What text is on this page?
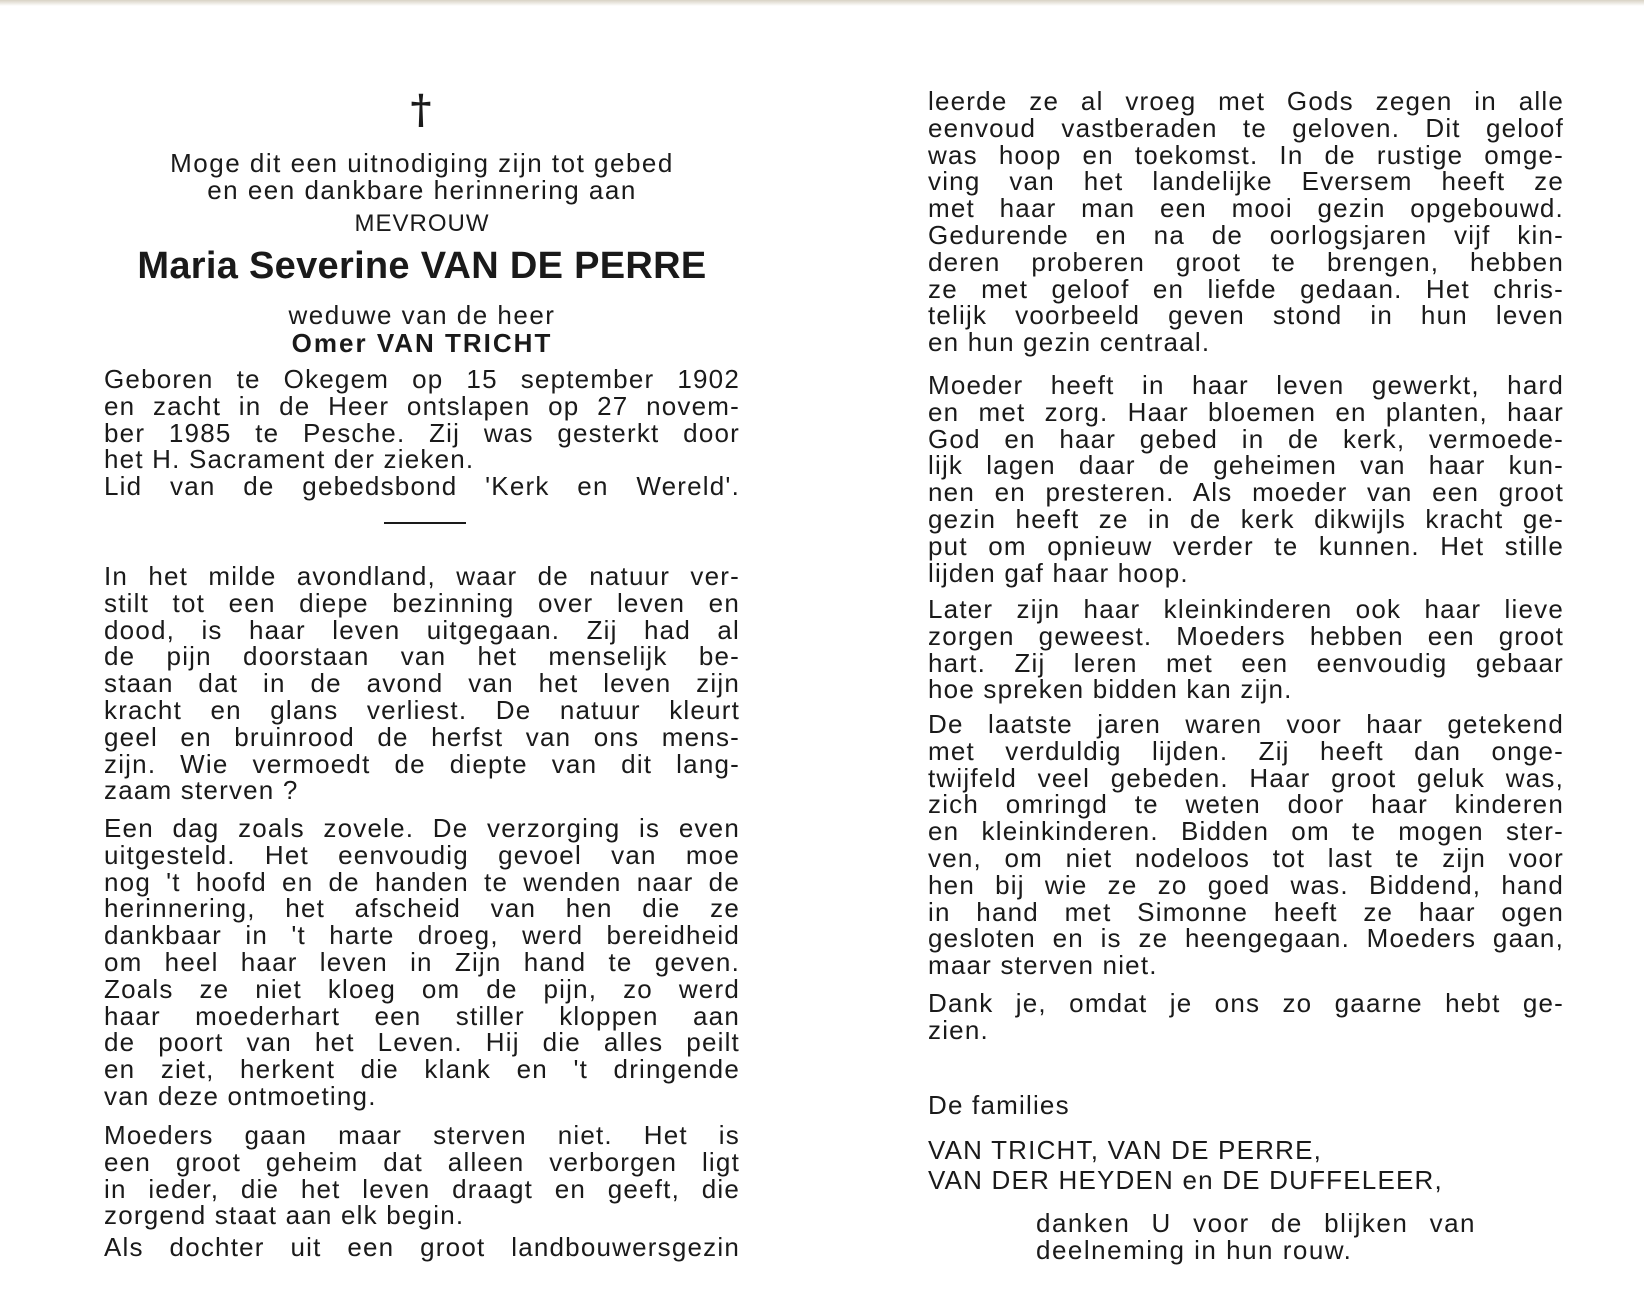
†
Moge dit een uitnodiging zijn tot gebed
en een dankbare herinnering aan
MEVROUW
Maria Severine VAN DE PERRE
weduwe van de heer
Omer VAN TRICHT
Geboren te Okegem op 15 september 1902
en zacht in de Heer ontslapen op 27 novem-
ber 1985 te Pesche. Zij was gesterkt door
het H. Sacrament der zieken.
Lid van de gebedsbond 'Kerk en Wereld'.
In het milde avondland, waar de natuur ver-
stilt tot een diepe bezinning over leven en
dood, is haar leven uitgegaan. Zij had al
de pijn doorstaan van het menselijk be-
staan dat in de avond van het leven zijn
kracht en glans verliest. De natuur kleurt
geel en bruinrood de herfst van ons mens-
zijn. Wie vermoedt de diepte van dit lang-
zaam sterven ?
Een dag zoals zovele. De verzorging is even
uitgesteld. Het eenvoudig gevoel van moe
nog 't hoofd en de handen te wenden naar de
herinnering, het afscheid van hen die ze
dankbaar in 't harte droeg, werd bereidheid
om heel haar leven in Zijn hand te geven.
Zoals ze niet kloeg om de pijn, zo werd
haar moederhart een stiller kloppen aan
de poort van het Leven. Hij die alles peilt
en ziet, herkent die klank en 't dringende
van deze ontmoeting.
Moeders gaan maar sterven niet. Het is
een groot geheim dat alleen verborgen ligt
in ieder, die het leven draagt en geeft, die
zorgend staat aan elk begin.
Als dochter uit een groot landbouwersgezin
leerde ze al vroeg met Gods zegen in alle
eenvoud vastberaden te geloven. Dit geloof
was hoop en toekomst. In de rustige omge-
ving van het landelijke Eversem heeft ze
met haar man een mooi gezin opgebouwd.
Gedurende en na de oorlogsjaren vijf kin-
deren proberen groot te brengen, hebben
ze met geloof en liefde gedaan. Het chris-
telijk voorbeeld geven stond in hun leven
en hun gezin centraal.
Moeder heeft in haar leven gewerkt, hard
en met zorg. Haar bloemen en planten, haar
God en haar gebed in de kerk, vermoede-
lijk lagen daar de geheimen van haar kun-
nen en presteren. Als moeder van een groot
gezin heeft ze in de kerk dikwijls kracht ge-
put om opnieuw verder te kunnen. Het stille
lijden gaf haar hoop.
Later zijn haar kleinkinderen ook haar lieve
zorgen geweest. Moeders hebben een groot
hart. Zij leren met een eenvoudig gebaar
hoe spreken bidden kan zijn.
De laatste jaren waren voor haar getekend
met verduldig lijden. Zij heeft dan onge-
twijfeld veel gebeden. Haar groot geluk was,
zich omringd te weten door haar kinderen
en kleinkinderen. Bidden om te mogen ster-
ven, om niet nodeloos tot last te zijn voor
hen bij wie ze zo goed was. Biddend, hand
in hand met Simonne heeft ze haar ogen
gesloten en is ze heengegaan. Moeders gaan,
maar sterven niet.
Dank je, omdat je ons zo gaarne hebt ge-
zien.
De families
VAN TRICHT, VAN DE PERRE,
VAN DER HEYDEN en DE DUFFELEER,
danken U voor de blijken van
deelneming in hun rouw.
